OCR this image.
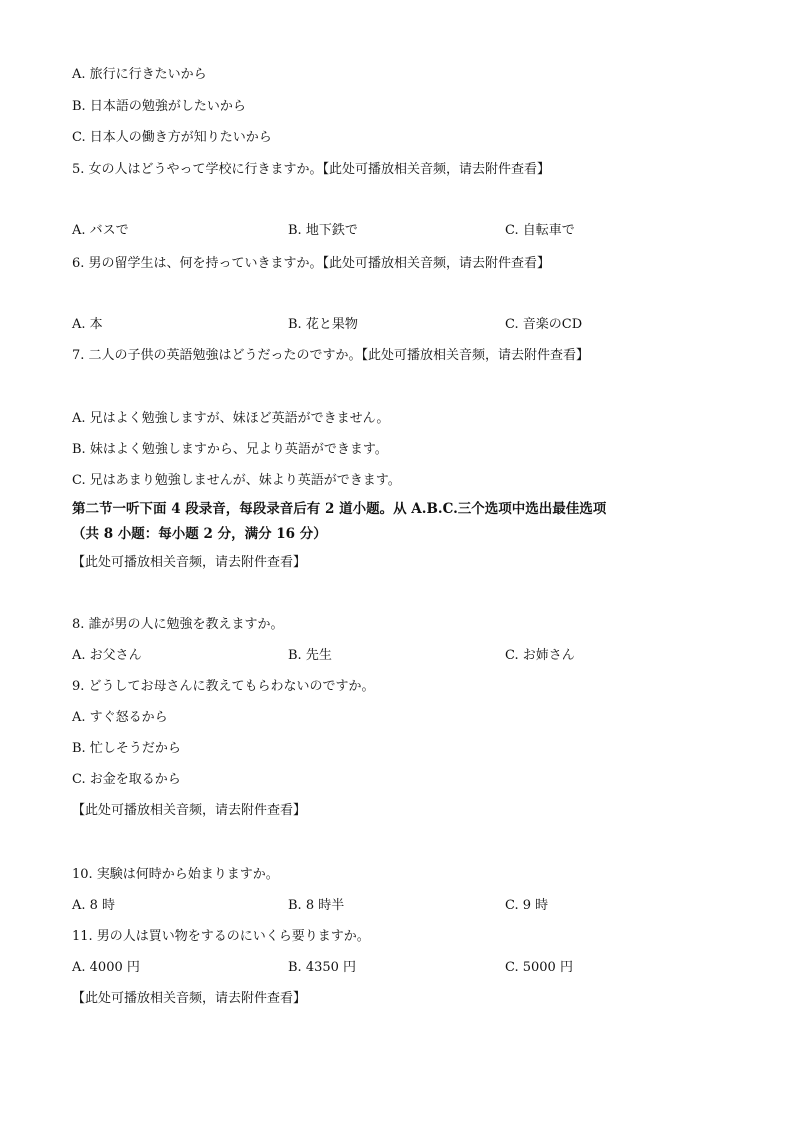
A. 旅行に行きたいから
B. 日本語の勉強がしたいから
C. 日本人の働き方が知りたいから
5. 女の人はどうやって学校に行きますか。【此处可播放相关音频，请去附件查看】
A. バスで	B. 地下鉄で	C. 自転車で
6. 男の留学生は、何を持っていきますか。【此处可播放相关音频，请去附件查看】
A. 本	B. 花と果物	C. 音楽のCD
7. 二人の子供の英語勉強はどうだったのですか。【此处可播放相关音频，请去附件查看】
A. 兄はよく勉強しますが、妹ほど英語ができません。
B. 妹はよく勉強しますから、兄より英語ができます。
C. 兄はあまり勉強しませんが、妹より英語ができます。
第二节一听下面 4 段录音，每段录音后有 2 道小题。从 A.B.C.三个选项中选出最佳选项
（共 8 小题：每小题 2 分，满分 16 分）
【此处可播放相关音频，请去附件查看】
8. 誰が男の人に勉強を教えますか。
A. お父さん	B. 先生	C. お姉さん
9. どうしてお母さんに教えてもらわないのですか。
A. すぐ怒るから
B. 忙しそうだから
C. お金を取るから
【此处可播放相关音频，请去附件查看】
10. 実験は何時から始まりますか。
A. 8 時	B. 8 時半	C. 9 時
11. 男の人は買い物をするのにいくら要りますか。
A. 4000 円	B. 4350 円	C. 5000 円
【此处可播放相关音频，请去附件查看】
